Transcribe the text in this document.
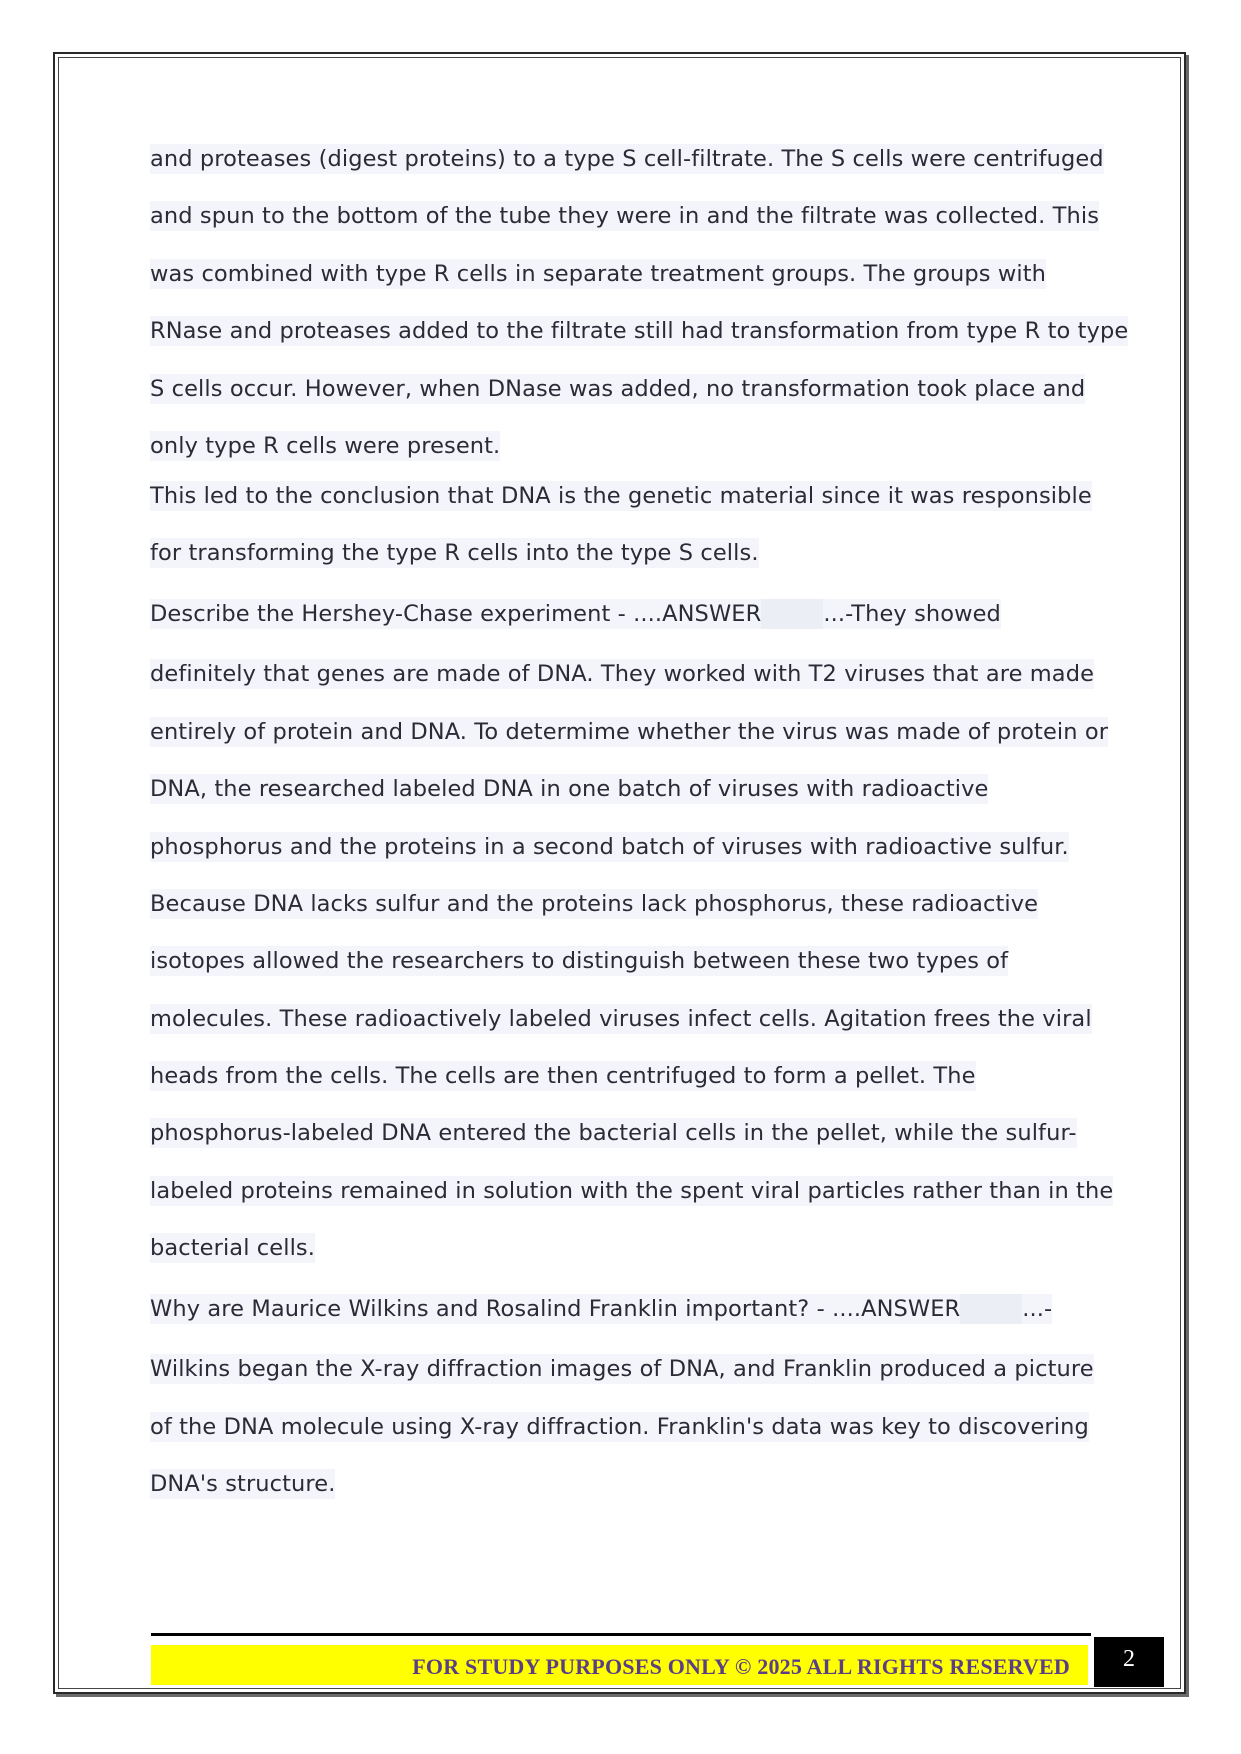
and proteases (digest proteins) to a type S cell-filtrate. The S cells were centrifuged
and spun to the bottom of the tube they were in and the filtrate was collected. This
was combined with type R cells in separate treatment groups. The groups with
RNase and proteases added to the filtrate still had transformation from type R to type
S cells occur. However, when DNase was added, no transformation took place and
only type R cells were present.
This led to the conclusion that DNA is the genetic material since it was responsible
for transforming the type R cells into the type S cells.
Describe the Hershey-Chase experiment - ....ANSWER	...-They showed
definitely that genes are made of DNA. They worked with T2 viruses that are made
entirely of protein and DNA. To determime whether the virus was made of protein or
DNA, the researched labeled DNA in one batch of viruses with radioactive
phosphorus and the proteins in a second batch of viruses with radioactive sulfur.
Because DNA lacks sulfur and the proteins lack phosphorus, these radioactive
isotopes allowed the researchers to distinguish between these two types of
molecules. These radioactively labeled viruses infect cells. Agitation frees the viral
heads from the cells. The cells are then centrifuged to form a pellet. The
phosphorus-labeled DNA entered the bacterial cells in the pellet, while the sulfur-
labeled proteins remained in solution with the spent viral particles rather than in the
bacterial cells.
Why are Maurice Wilkins and Rosalind Franklin important? - ....ANSWER	...-
Wilkins began the X-ray diffraction images of DNA, and Franklin produced a picture
of the DNA molecule using X-ray diffraction. Franklin's data was key to discovering
DNA's structure.
FOR STUDY PURPOSES ONLY © 2025 ALL RIGHTS RESERVED	2
